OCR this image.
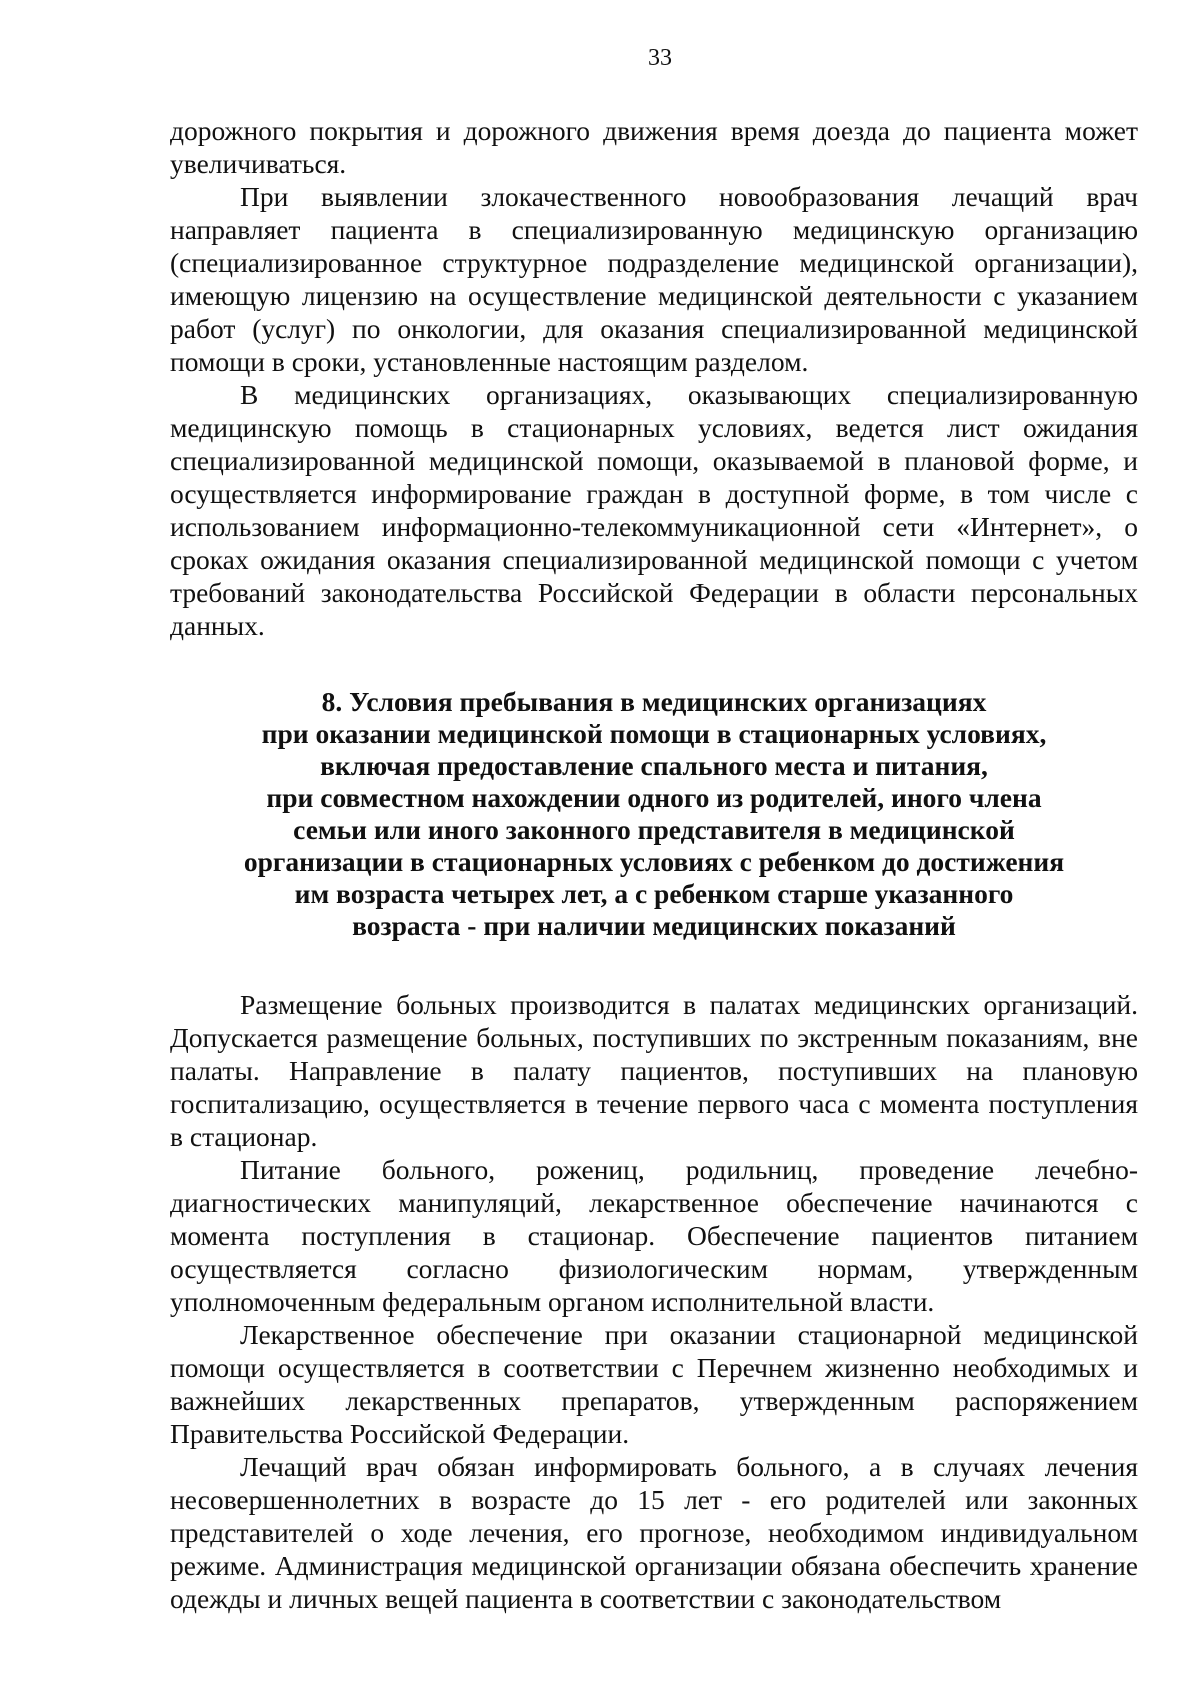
33

дорожного покрытия и дорожного движения время доезда до пациента может увеличиваться.

При выявлении злокачественного новообразования лечащий врач направляет пациента в специализированную медицинскую организацию (специализированное структурное подразделение медицинской организации), имеющую лицензию на осуществление медицинской деятельности с указанием работ (услуг) по онкологии, для оказания специализированной медицинской помощи в сроки, установленные настоящим разделом.

В медицинских организациях, оказывающих специализированную медицинскую помощь в стационарных условиях, ведется лист ожидания специализированной медицинской помощи, оказываемой в плановой форме, и осуществляется информирование граждан в доступной форме, в том числе с использованием информационно-телекоммуникационной сети «Интернет», о сроках ожидания оказания специализированной медицинской помощи с учетом требований законодательства Российской Федерации в области персональных данных.

8. Условия пребывания в медицинских организациях
при оказании медицинской помощи в стационарных условиях,
включая предоставление спального места и питания,
при совместном нахождении одного из родителей, иного члена
семьи или иного законного представителя в медицинской
организации в стационарных условиях с ребенком до достижения
им возраста четырех лет, а с ребенком старше указанного
возраста - при наличии медицинских показаний

Размещение больных производится в палатах медицинских организаций. Допускается размещение больных, поступивших по экстренным показаниям, вне палаты. Направление в палату пациентов, поступивших на плановую госпитализацию, осуществляется в течение первого часа с момента поступления в стационар.

Питание больного, рожениц, родильниц, проведение лечебно-диагностических манипуляций, лекарственное обеспечение начинаются с момента поступления в стационар. Обеспечение пациентов питанием осуществляется согласно физиологическим нормам, утвержденным уполномоченным федеральным органом исполнительной власти.

Лекарственное обеспечение при оказании стационарной медицинской помощи осуществляется в соответствии с Перечнем жизненно необходимых и важнейших лекарственных препаратов, утвержденным распоряжением Правительства Российской Федерации.

Лечащий врач обязан информировать больного, а в случаях лечения несовершеннолетних в возрасте до 15 лет - его родителей или законных представителей о ходе лечения, его прогнозе, необходимом индивидуальном режиме. Администрация медицинской организации обязана обеспечить хранение одежды и личных вещей пациента в соответствии с законодательством
